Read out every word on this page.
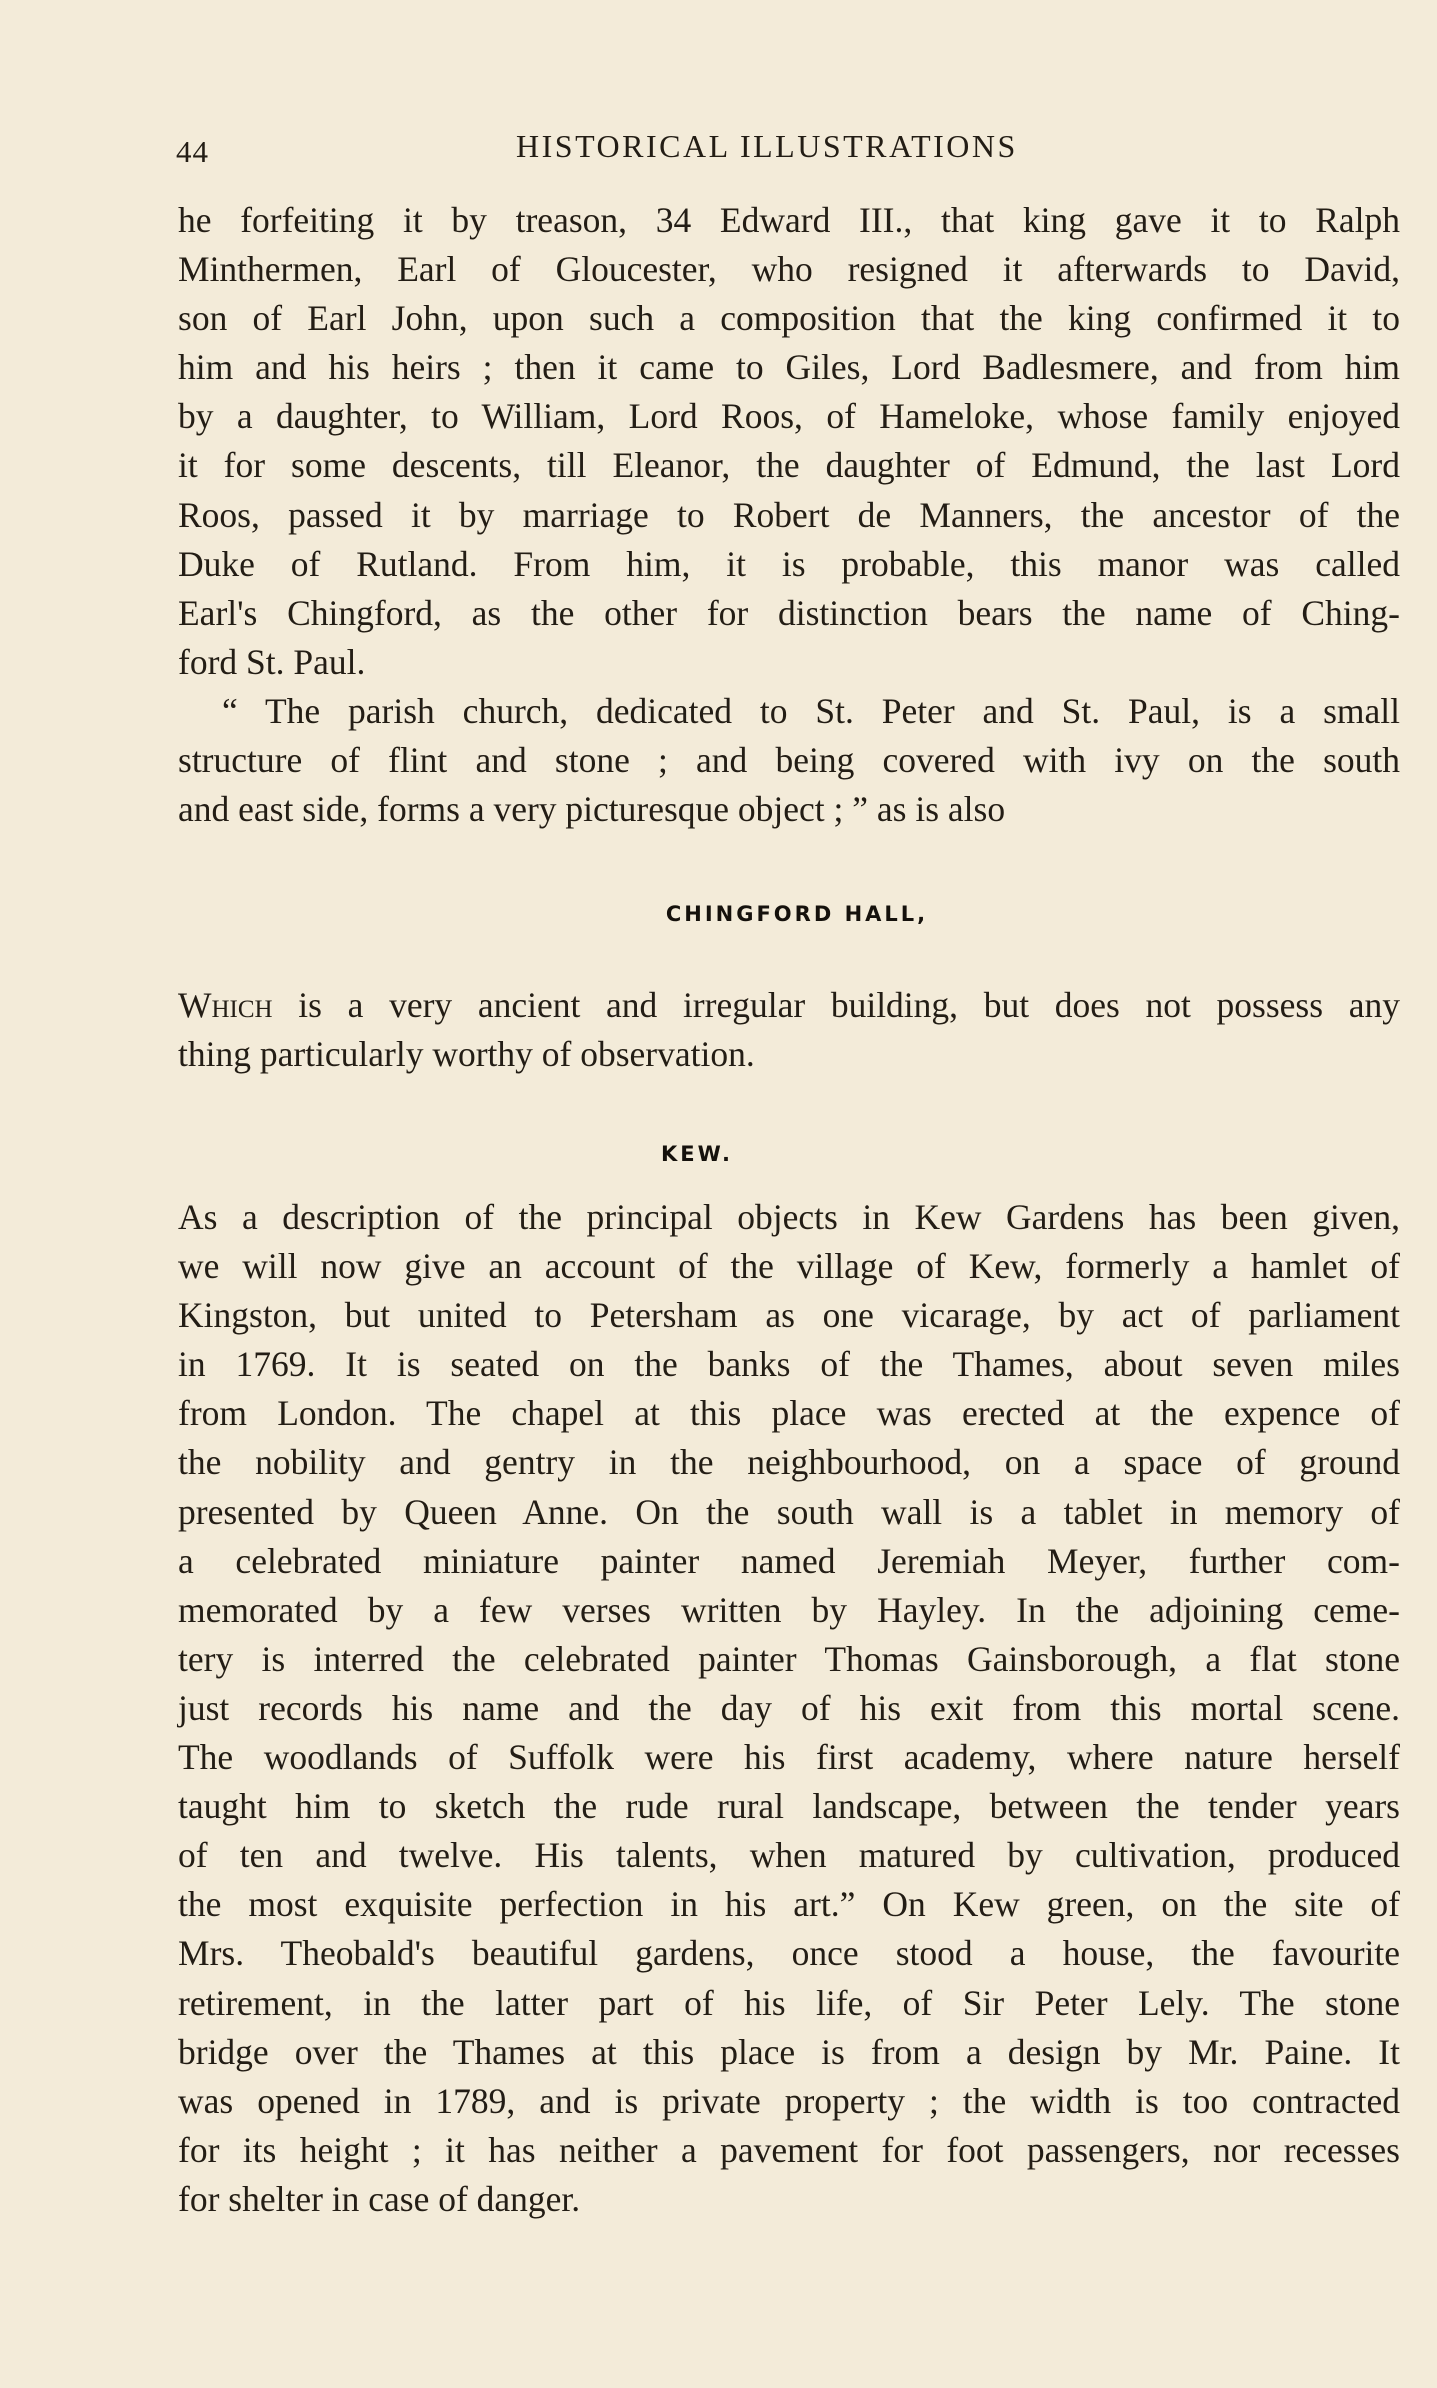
44	HISTORICAL ILLUSTRATIONS
he forfeiting it by treason, 34 Edward III., that king gave it to Ralph
Minthermen, Earl of Gloucester, who resigned it afterwards to David,
son of Earl John, upon such a composition that the king confirmed it to
him and his heirs ; then it came to Giles, Lord Badlesmere, and from him
by a daughter, to William, Lord Roos, of Hameloke, whose family enjoyed
it for some descents, till Eleanor, the daughter of Edmund, the last Lord
Roos, passed it by marriage to Robert de Manners, the ancestor of the
Duke of Rutland. From him, it is probable, this manor was called
Earl's Chingford, as the other for distinction bears the name of Ching-
ford St. Paul.
“ The parish church, dedicated to St. Peter and St. Paul, is a small
structure of flint and stone ; and being covered with ivy on the south
and east side, forms a very picturesque object ; ” as is also
CHINGFORD HALL,
Which is a very ancient and irregular building, but does not possess any
thing particularly worthy of observation.
KEW.
As a description of the principal objects in Kew Gardens has been given,
we will now give an account of the village of Kew, formerly a hamlet of
Kingston, but united to Petersham as one vicarage, by act of parliament
in 1769. It is seated on the banks of the Thames, about seven miles
from London. The chapel at this place was erected at the expence of
the nobility and gentry in the neighbourhood, on a space of ground
presented by Queen Anne. On the south wall is a tablet in memory of
a celebrated miniature painter named Jeremiah Meyer, further com-
memorated by a few verses written by Hayley. In the adjoining ceme-
tery is interred the celebrated painter Thomas Gainsborough, a flat stone
just records his name and the day of his exit from this mortal scene.
The woodlands of Suffolk were his first academy, where nature herself
taught him to sketch the rude rural landscape, between the tender years
of ten and twelve. His talents, when matured by cultivation, produced
the most exquisite perfection in his art.” On Kew green, on the site of
Mrs. Theobald's beautiful gardens, once stood a house, the favourite
retirement, in the latter part of his life, of Sir Peter Lely. The stone
bridge over the Thames at this place is from a design by Mr. Paine. It
was opened in 1789, and is private property ; the width is too contracted
for its height ; it has neither a pavement for foot passengers, nor recesses
for shelter in case of danger.
